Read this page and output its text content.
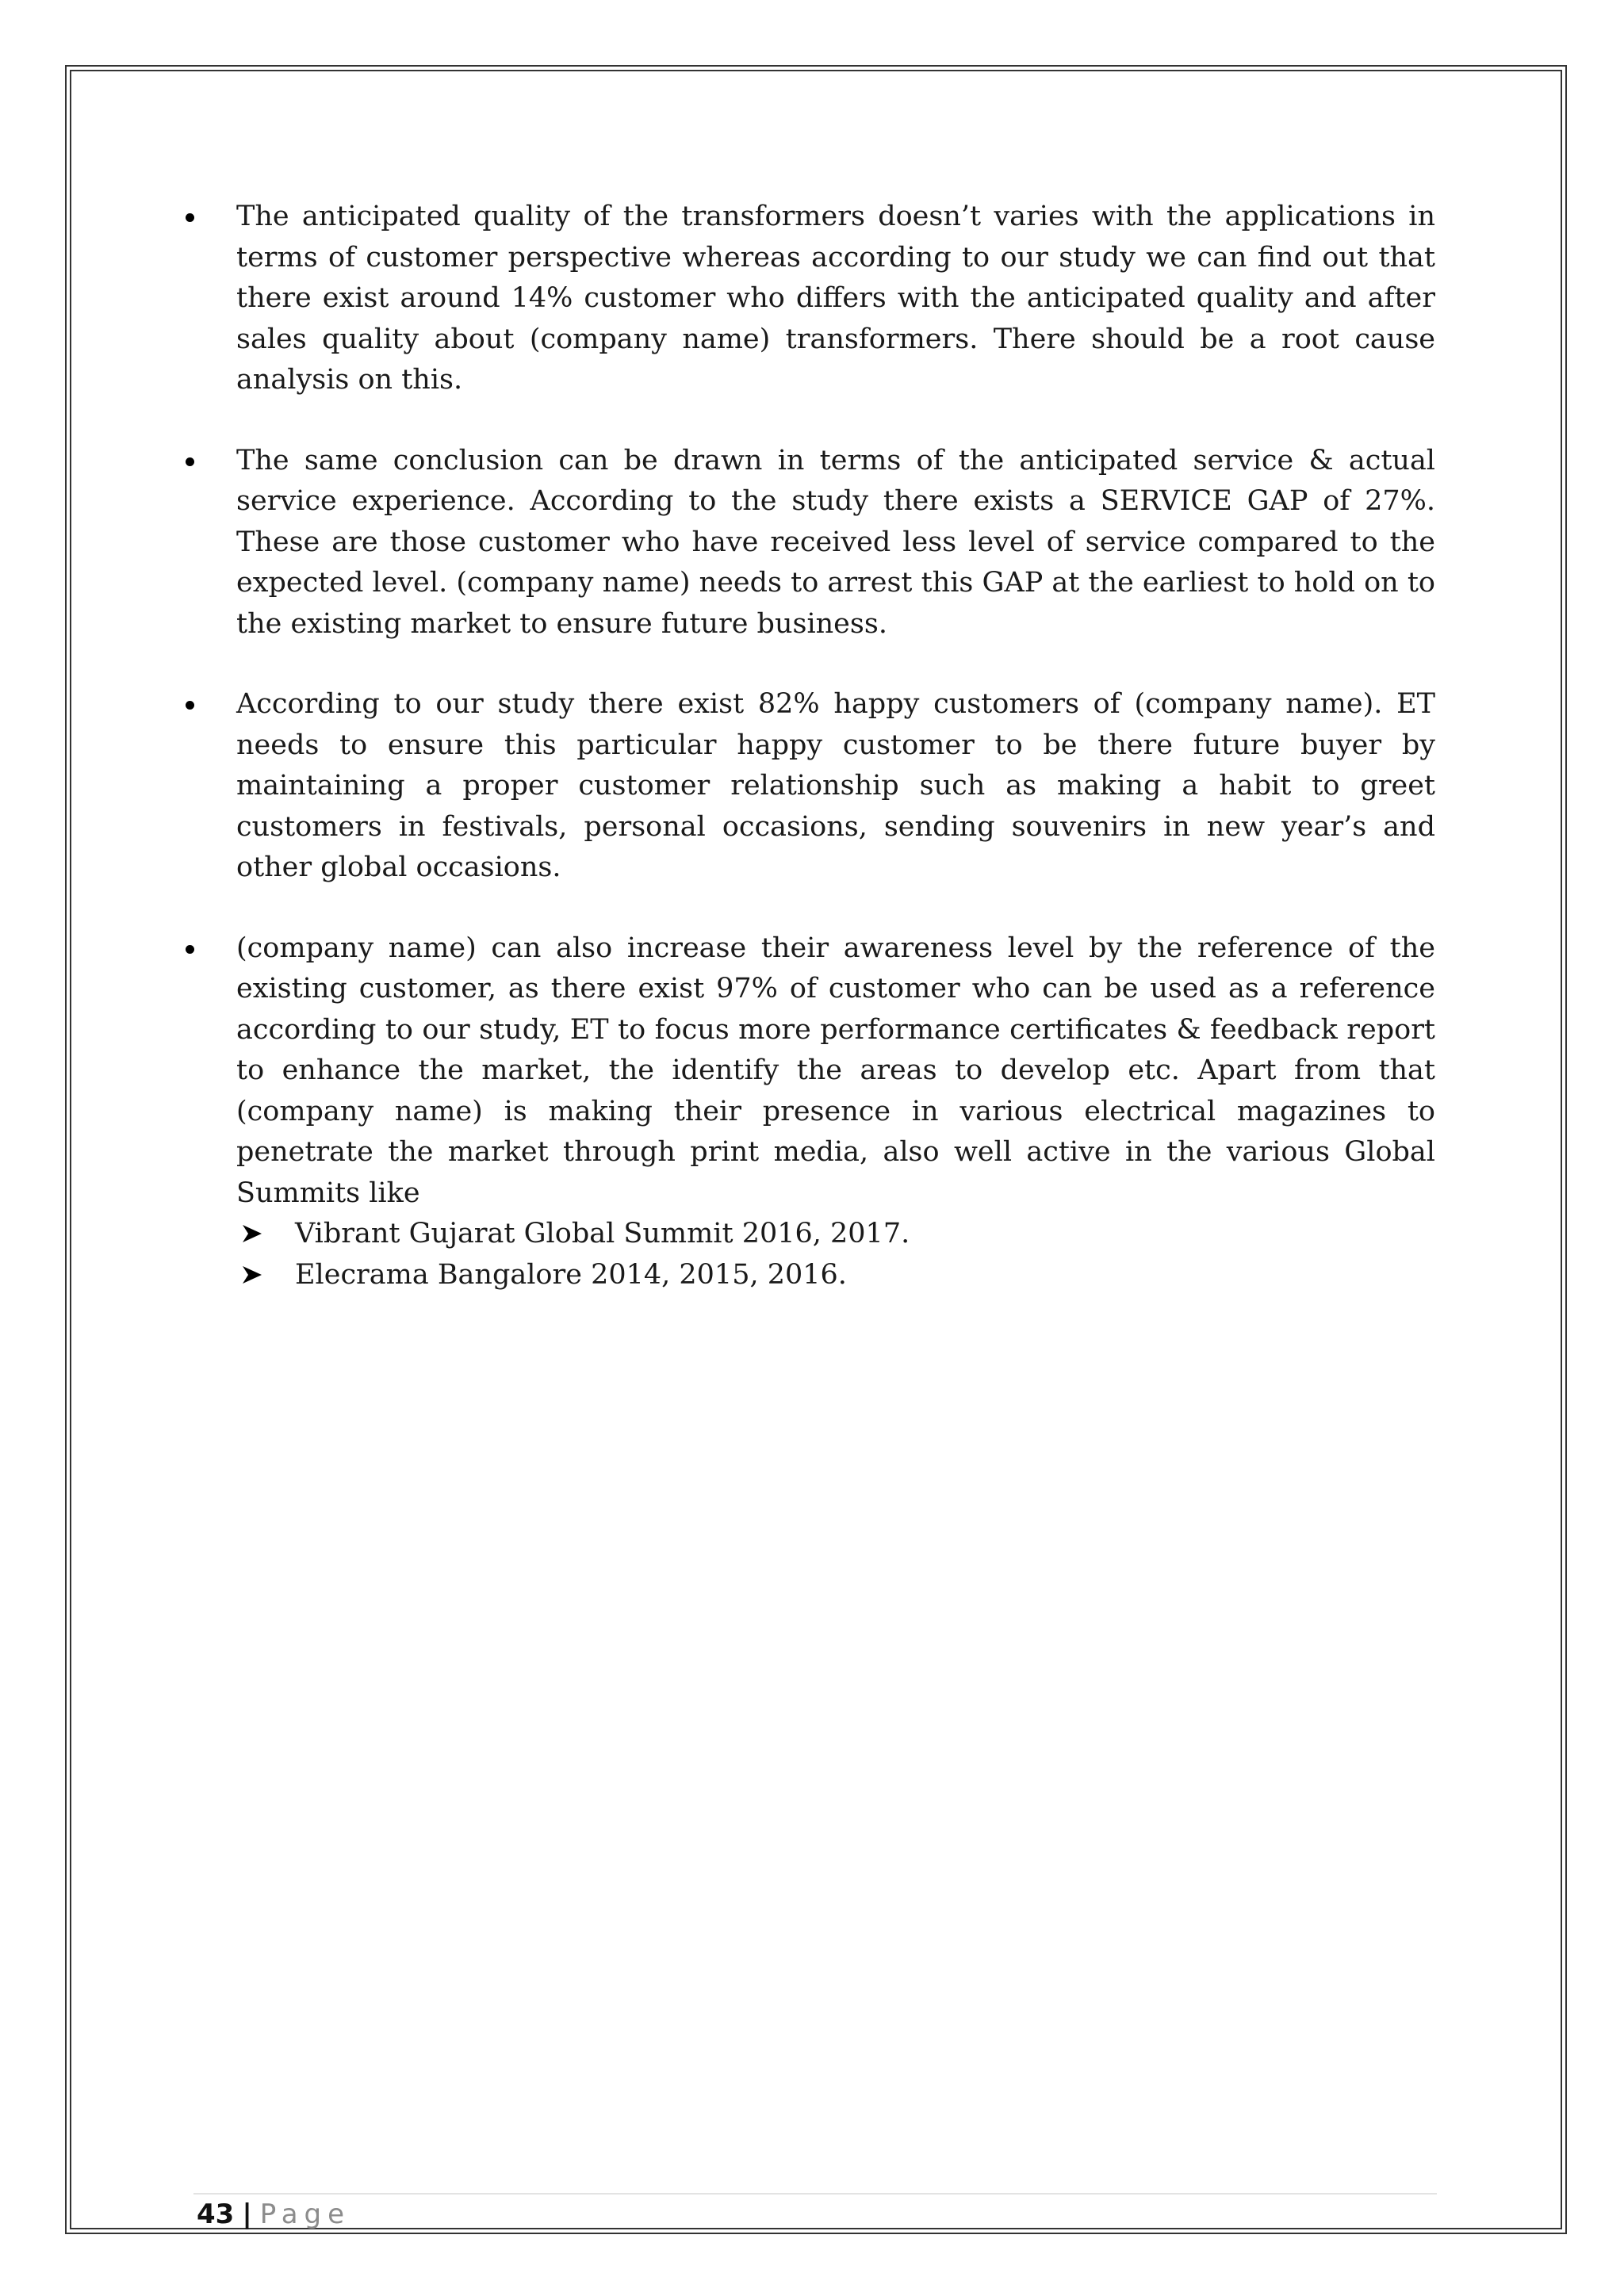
The anticipated quality of the transformers doesn’t varies with the applications in terms of customer perspective whereas according to our study we can find out that there exist around 14% customer who differs with the anticipated quality and after sales quality about (company name) transformers. There should be a root cause analysis on this.
The same conclusion can be drawn in terms of the anticipated service & actual service experience. According to the study there exists a SERVICE GAP of 27%. These are those customer who have received less level of service compared to the expected level. (company name) needs to arrest this GAP at the earliest to hold on to the existing market to ensure future business.
According to our study there exist 82% happy customers of (company name). ET needs to ensure this particular happy customer to be there future buyer by maintaining a proper customer relationship such as making a habit to greet customers in festivals, personal occasions, sending souvenirs in new year’s and other global occasions.
(company name) can also increase their awareness level by the reference of the existing customer, as there exist 97% of customer who can be used as a reference according to our study, ET to focus more performance certificates & feedback report to enhance the market, the identify the areas to develop etc. Apart from that (company name) is making their presence in various electrical magazines to penetrate the market through print media, also well active in the various Global Summits like
Vibrant Gujarat Global Summit 2016, 2017.
Elecrama Bangalore 2014, 2015, 2016.
43 | Page
